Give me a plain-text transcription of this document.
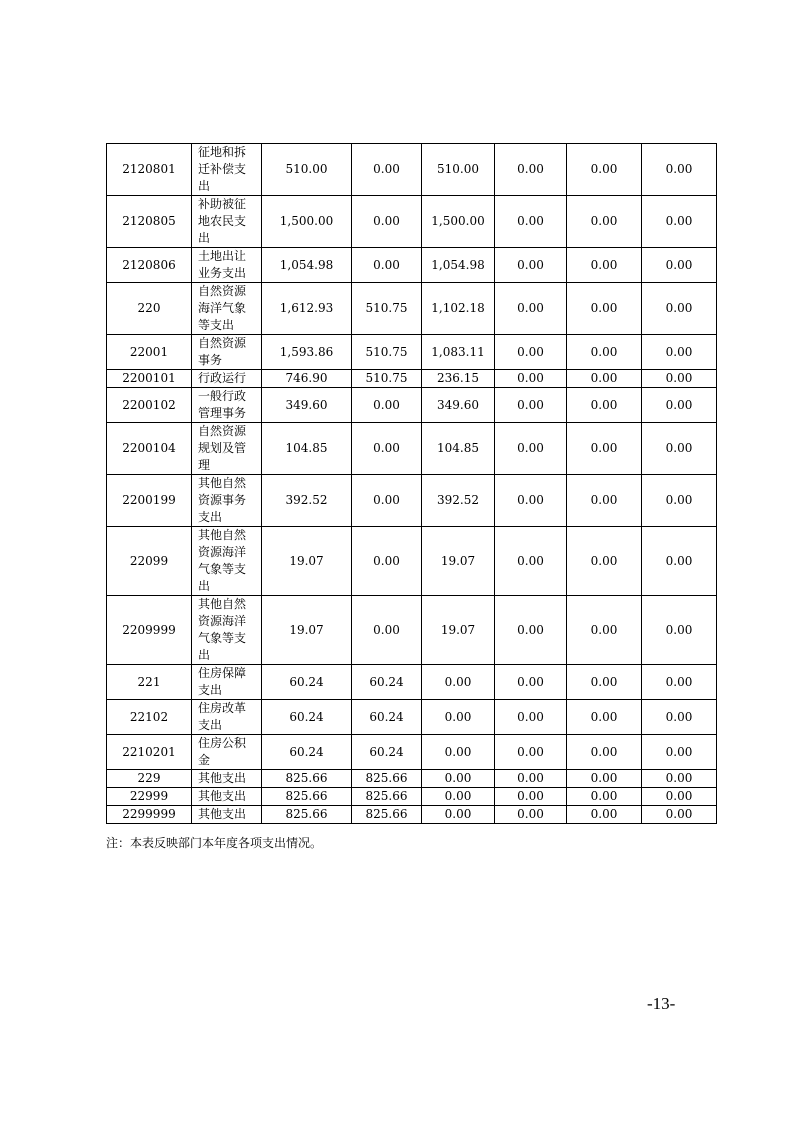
2120801	征地和拆迁补偿支出	510.00	0.00	510.00	0.00	0.00	0.00
2120805	补助被征地农民支出	1,500.00	0.00	1,500.00	0.00	0.00	0.00
2120806	土地出让业务支出	1,054.98	0.00	1,054.98	0.00	0.00	0.00
220	自然资源海洋气象等支出	1,612.93	510.75	1,102.18	0.00	0.00	0.00
22001	自然资源事务	1,593.86	510.75	1,083.11	0.00	0.00	0.00
2200101	行政运行	746.90	510.75	236.15	0.00	0.00	0.00
2200102	一般行政管理事务	349.60	0.00	349.60	0.00	0.00	0.00
2200104	自然资源规划及管理	104.85	0.00	104.85	0.00	0.00	0.00
2200199	其他自然资源事务支出	392.52	0.00	392.52	0.00	0.00	0.00
22099	其他自然资源海洋气象等支出	19.07	0.00	19.07	0.00	0.00	0.00
2209999	其他自然资源海洋气象等支出	19.07	0.00	19.07	0.00	0.00	0.00
221	住房保障支出	60.24	60.24	0.00	0.00	0.00	0.00
22102	住房改革支出	60.24	60.24	0.00	0.00	0.00	0.00
2210201	住房公积金	60.24	60.24	0.00	0.00	0.00	0.00
229	其他支出	825.66	825.66	0.00	0.00	0.00	0.00
22999	其他支出	825.66	825.66	0.00	0.00	0.00	0.00
2299999	其他支出	825.66	825.66	0.00	0.00	0.00	0.00
注：本表反映部门本年度各项支出情况。
-13-
